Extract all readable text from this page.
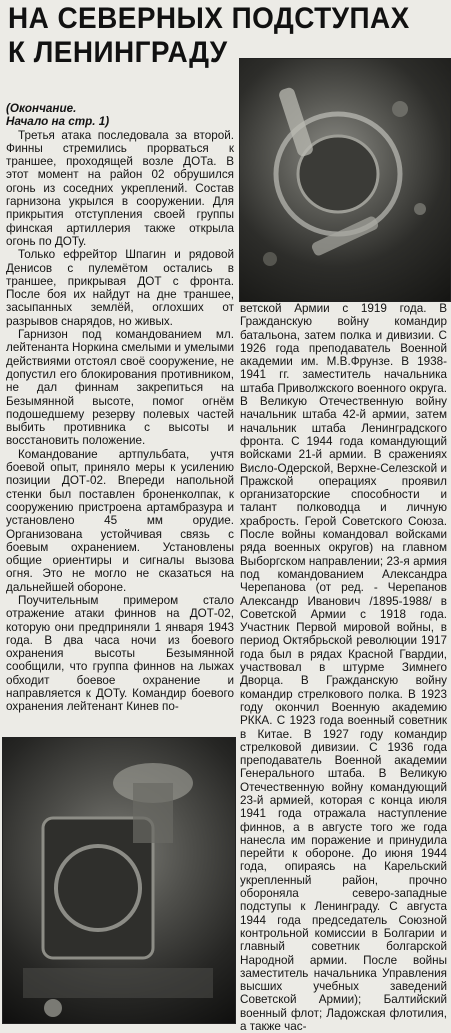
НА СЕВЕРНЫХ ПОДСТУПАХ
К ЛЕНИНГРАДУ

(Окончание.
Начало на стр. 1)

Третья атака последовала за второй. Финны стремились прорваться к траншее, проходящей возле ДОТа. В этот момент на район 02 обрушился огонь из соседних укреплений. Состав гарнизона укрылся в сооружении. Для прикрытия отступления своей группы финская артиллерия также открыла огонь по ДОТу.

Только ефрейтор Шпагин и рядовой Денисов с пулемётом остались в траншее, прикрывая ДОТ с фронта. После боя их найдут на дне траншее, засыпанных землёй, оглохших от разрывов снарядов, но живых.

Гарнизон под командованием мл. лейтенанта Норкина смелыми и умелыми действиями отстоял своё сооружение, не допустил его блокирования противником, не дал финнам закрепиться на Безымянной высоте, помог огнём подошедшему резерву полевых частей выбить противника с высоты и восстановить положение.

Командование артпульбата, учтя боевой опыт, приняло меры к усилению позиции ДОТ-02. Впереди напольной стенки был поставлен броненколпак, к сооружению пристроена артамбразура и установлено 45 мм орудие. Организована устойчивая связь с боевым охранением. Установлены общие ориентиры и сигналы вызова огня. Это не могло не сказаться на дальнейшей обороне.

Поучительным примером стало отражение атаки финнов на ДОТ-02, которую они предприняли 1 января 1943 года. В два часа ночи из боевого охранения высоты Безымянной сообщили, что группа финнов на лыжах обходит боевое охранение и направляется к ДОТу. Командир боевого охранения лейтенант Кинев по-

ветской Армии с 1919 года. В Гражданскую войну командир батальона, затем полка и дивизии. С 1926 года преподаватель Военной академии им. М.В.Фрунзе. В 1938-1941 гг. заместитель начальника штаба Приволжского военного округа. В Великую Отечественную войну начальник штаба 42-й армии, затем начальник штаба Ленинградского фронта. С 1944 года командующий войсками 21-й армии. В сражениях Висло-Одерской, Верхне-Селезской и Пражской операциях проявил организаторские способности и талант полководца и личную храбрость. Герой Советского Союза. После войны командовал войсками ряда военных округов) на главном Выборгском направлении; 23-я армия под командованием Александра Черепанова (от ред. - Черепанов Александр Иванович /1895-1988/ в Советской Армии с 1918 года. Участник Первой мировой войны, в период Октябрьской революции 1917 года был в рядах Красной Гвардии, участвовал в штурме Зимнего Дворца. В Гражданскую войну командир стрелкового полка. В 1923 году окончил Военную академию РККА. С 1923 года военный советник в Китае. В 1927 году командир стрелковой дивизии. С 1936 года преподаватель Военной академии Генерального штаба. В Великую Отечественную войну командующий 23-й армией, которая с конца июля 1941 года отражала наступление финнов, а в августе того же года нанесла им поражение и принудила перейти к обороне. До июня 1944 года, опираясь на Карельский укрепленный район, прочно обороняла северо-западные подступы к Ленинграду. С августа 1944 года председатель Союзной контрольной комиссии в Болгарии и главный советник болгарской Народной армии. После войны заместитель начальника Управления высших учебных заведений Советской Армии); Балтийский военный флот; Ладожская флотилия, а также час-
